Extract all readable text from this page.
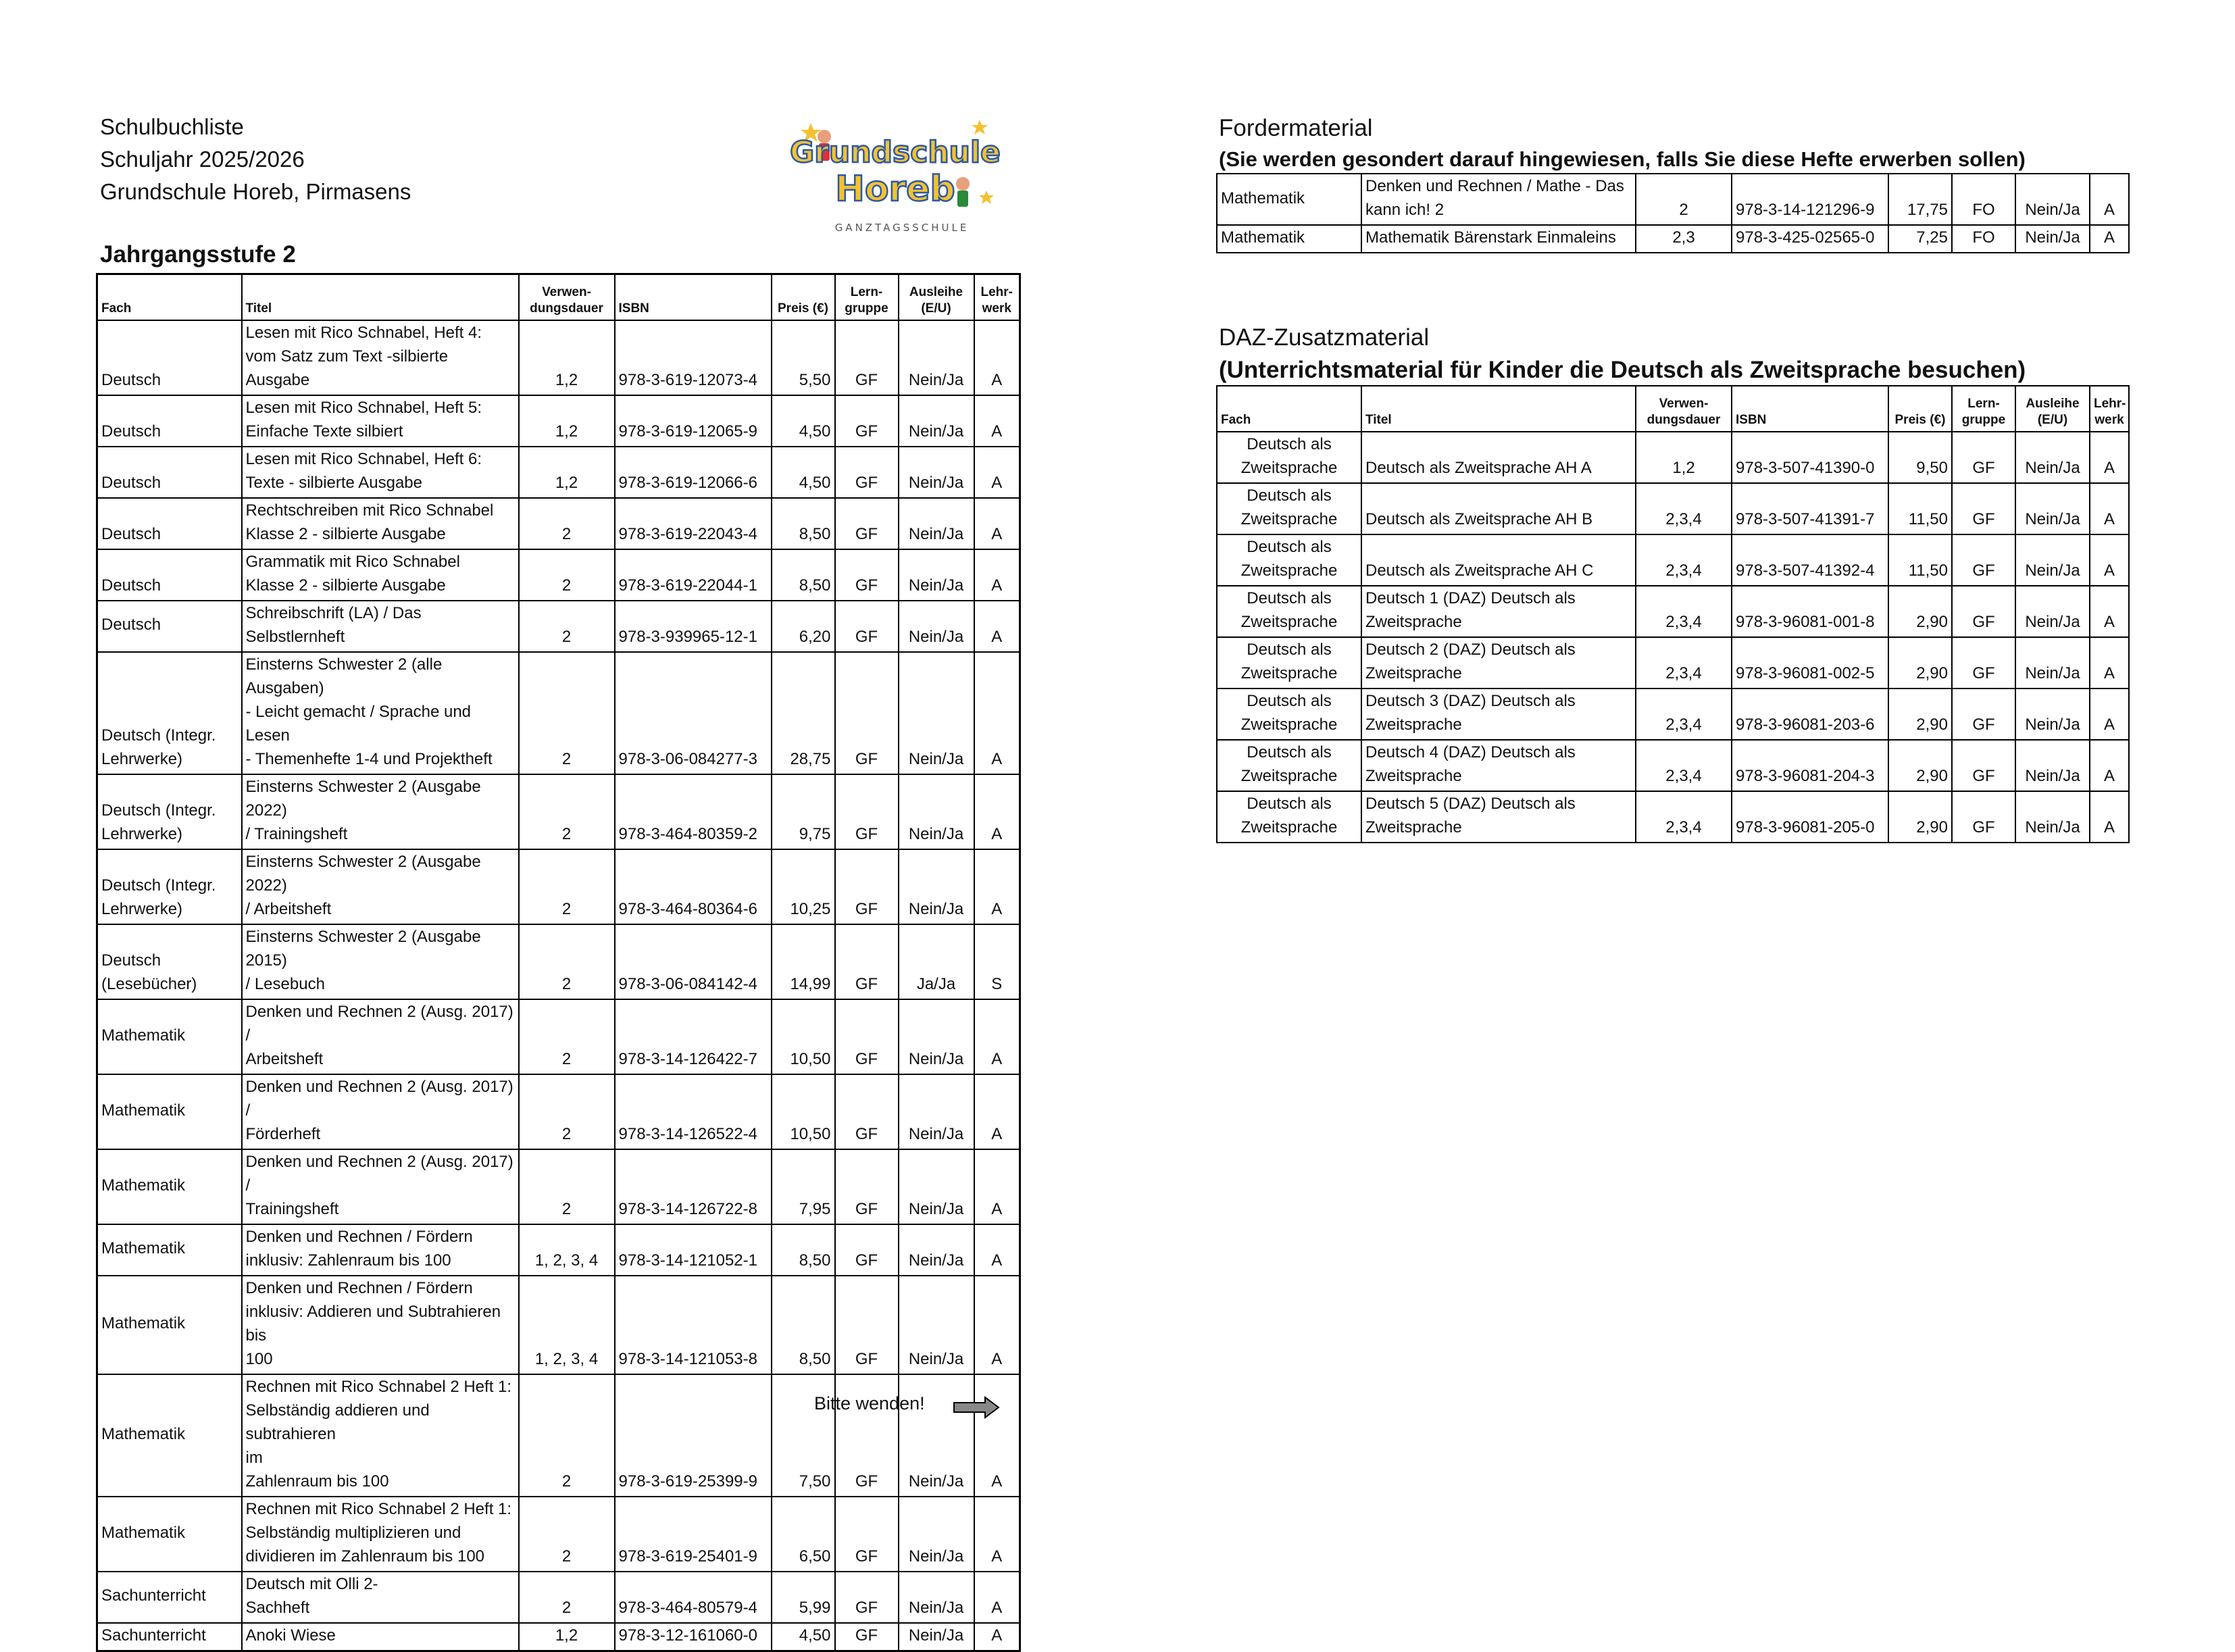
Schulbuchliste
Schuljahr 2025/2026
Grundschule Horeb, Pirmasens
Grundschule
Horeb
GANZTAGSSCHULE
Jahrgangsstufe 2
Fach	Titel	Verwen-
dungsdauer	ISBN	Preis (€)	Lern-
gruppe	Ausleihe
(E/U)	Lehr-
werk
Deutsch	Lesen mit Rico Schnabel, Heft 4:
vom Satz zum Text -silbierte Ausgabe	1,2	978-3-619-12073-4	5,50	GF	Nein/Ja	A
Deutsch	Lesen mit Rico Schnabel, Heft 5:
Einfache Texte silbiert	1,2	978-3-619-12065-9	4,50	GF	Nein/Ja	A
Deutsch	Lesen mit Rico Schnabel, Heft 6:
Texte - silbierte Ausgabe	1,2	978-3-619-12066-6	4,50	GF	Nein/Ja	A
Deutsch	Rechtschreiben mit Rico Schnabel
Klasse 2 - silbierte Ausgabe	2	978-3-619-22043-4	8,50	GF	Nein/Ja	A
Deutsch	Grammatik mit Rico Schnabel
Klasse 2 - silbierte Ausgabe	2	978-3-619-22044-1	8,50	GF	Nein/Ja	A
Deutsch	Schreibschrift (LA) / Das Selbstlernheft	2	978-3-939965-12-1	6,20	GF	Nein/Ja	A
Deutsch (Integr.
Lehrwerke)	Einsterns Schwester 2 (alle Ausgaben)
- Leicht gemacht / Sprache und Lesen
- Themenhefte 1-4 und Projektheft	2	978-3-06-084277-3	28,75	GF	Nein/Ja	A
Deutsch (Integr.
Lehrwerke)	Einsterns Schwester 2 (Ausgabe 2022)
/ Trainingsheft	2	978-3-464-80359-2	9,75	GF	Nein/Ja	A
Deutsch (Integr.
Lehrwerke)	Einsterns Schwester 2 (Ausgabe 2022)
/ Arbeitsheft	2	978-3-464-80364-6	10,25	GF	Nein/Ja	A
Deutsch
(Lesebücher)	Einsterns Schwester 2 (Ausgabe 2015)
/ Lesebuch	2	978-3-06-084142-4	14,99	GF	Ja/Ja	S
Mathematik	Denken und Rechnen 2 (Ausg. 2017) /
Arbeitsheft	2	978-3-14-126422-7	10,50	GF	Nein/Ja	A
Mathematik	Denken und Rechnen 2 (Ausg. 2017) /
Förderheft	2	978-3-14-126522-4	10,50	GF	Nein/Ja	A
Mathematik	Denken und Rechnen 2 (Ausg. 2017) /
Trainingsheft	2	978-3-14-126722-8	7,95	GF	Nein/Ja	A
Mathematik	Denken und Rechnen / Fördern
inklusiv: Zahlenraum bis 100	1, 2, 3, 4	978-3-14-121052-1	8,50	GF	Nein/Ja	A
Mathematik	Denken und Rechnen / Fördern
inklusiv: Addieren und Subtrahieren bis
100	1, 2, 3, 4	978-3-14-121053-8	8,50	GF	Nein/Ja	A
Mathematik	Rechnen mit Rico Schnabel 2 Heft 1:
Selbständig addieren und subtrahieren
im
Zahlenraum bis 100	2	978-3-619-25399-9	7,50	GF	Nein/Ja	A
Mathematik	Rechnen mit Rico Schnabel 2 Heft 1:
Selbständig multiplizieren und
dividieren im Zahlenraum bis 100	2	978-3-619-25401-9	6,50	GF	Nein/Ja	A
Sachunterricht	Deutsch mit Olli 2-
Sachheft	2	978-3-464-80579-4	5,99	GF	Nein/Ja	A
Sachunterricht	Anoki Wiese	1,2	978-3-12-161060-0	4,50	GF	Nein/Ja	A
Fordermaterial
(Sie werden gesondert darauf hingewiesen, falls Sie diese Hefte erwerben sollen)
Mathematik	Denken und Rechnen / Mathe - Das
kann ich! 2	2	978-3-14-121296-9	17,75	FO	Nein/Ja	A
Mathematik	Mathematik Bärenstark Einmaleins	2,3	978-3-425-02565-0	7,25	FO	Nein/Ja	A
DAZ-Zusatzmaterial
(Unterrichtsmaterial für Kinder die Deutsch als Zweitsprache besuchen)
Fach	Titel	Verwen-
dungsdauer	ISBN	Preis (€)	Lern-
gruppe	Ausleihe
(E/U)	Lehr-
werk
Deutsch als
Zweitsprache	Deutsch als Zweitsprache AH A	1,2	978-3-507-41390-0	9,50	GF	Nein/Ja	A
Deutsch als
Zweitsprache	Deutsch als Zweitsprache AH B	2,3,4	978-3-507-41391-7	11,50	GF	Nein/Ja	A
Deutsch als
Zweitsprache	Deutsch als Zweitsprache AH C	2,3,4	978-3-507-41392-4	11,50	GF	Nein/Ja	A
Deutsch als
Zweitsprache	Deutsch 1 (DAZ) Deutsch als
Zweitsprache	2,3,4	978-3-96081-001-8	2,90	GF	Nein/Ja	A
Deutsch als
Zweitsprache	Deutsch 2 (DAZ) Deutsch als
Zweitsprache	2,3,4	978-3-96081-002-5	2,90	GF	Nein/Ja	A
Deutsch als
Zweitsprache	Deutsch 3 (DAZ) Deutsch als
Zweitsprache	2,3,4	978-3-96081-203-6	2,90	GF	Nein/Ja	A
Deutsch als
Zweitsprache	Deutsch 4 (DAZ) Deutsch als
Zweitsprache	2,3,4	978-3-96081-204-3	2,90	GF	Nein/Ja	A
Deutsch als
Zweitsprache	Deutsch 5 (DAZ) Deutsch als
Zweitsprache	2,3,4	978-3-96081-205-0	2,90	GF	Nein/Ja	A
Bitte wenden!
